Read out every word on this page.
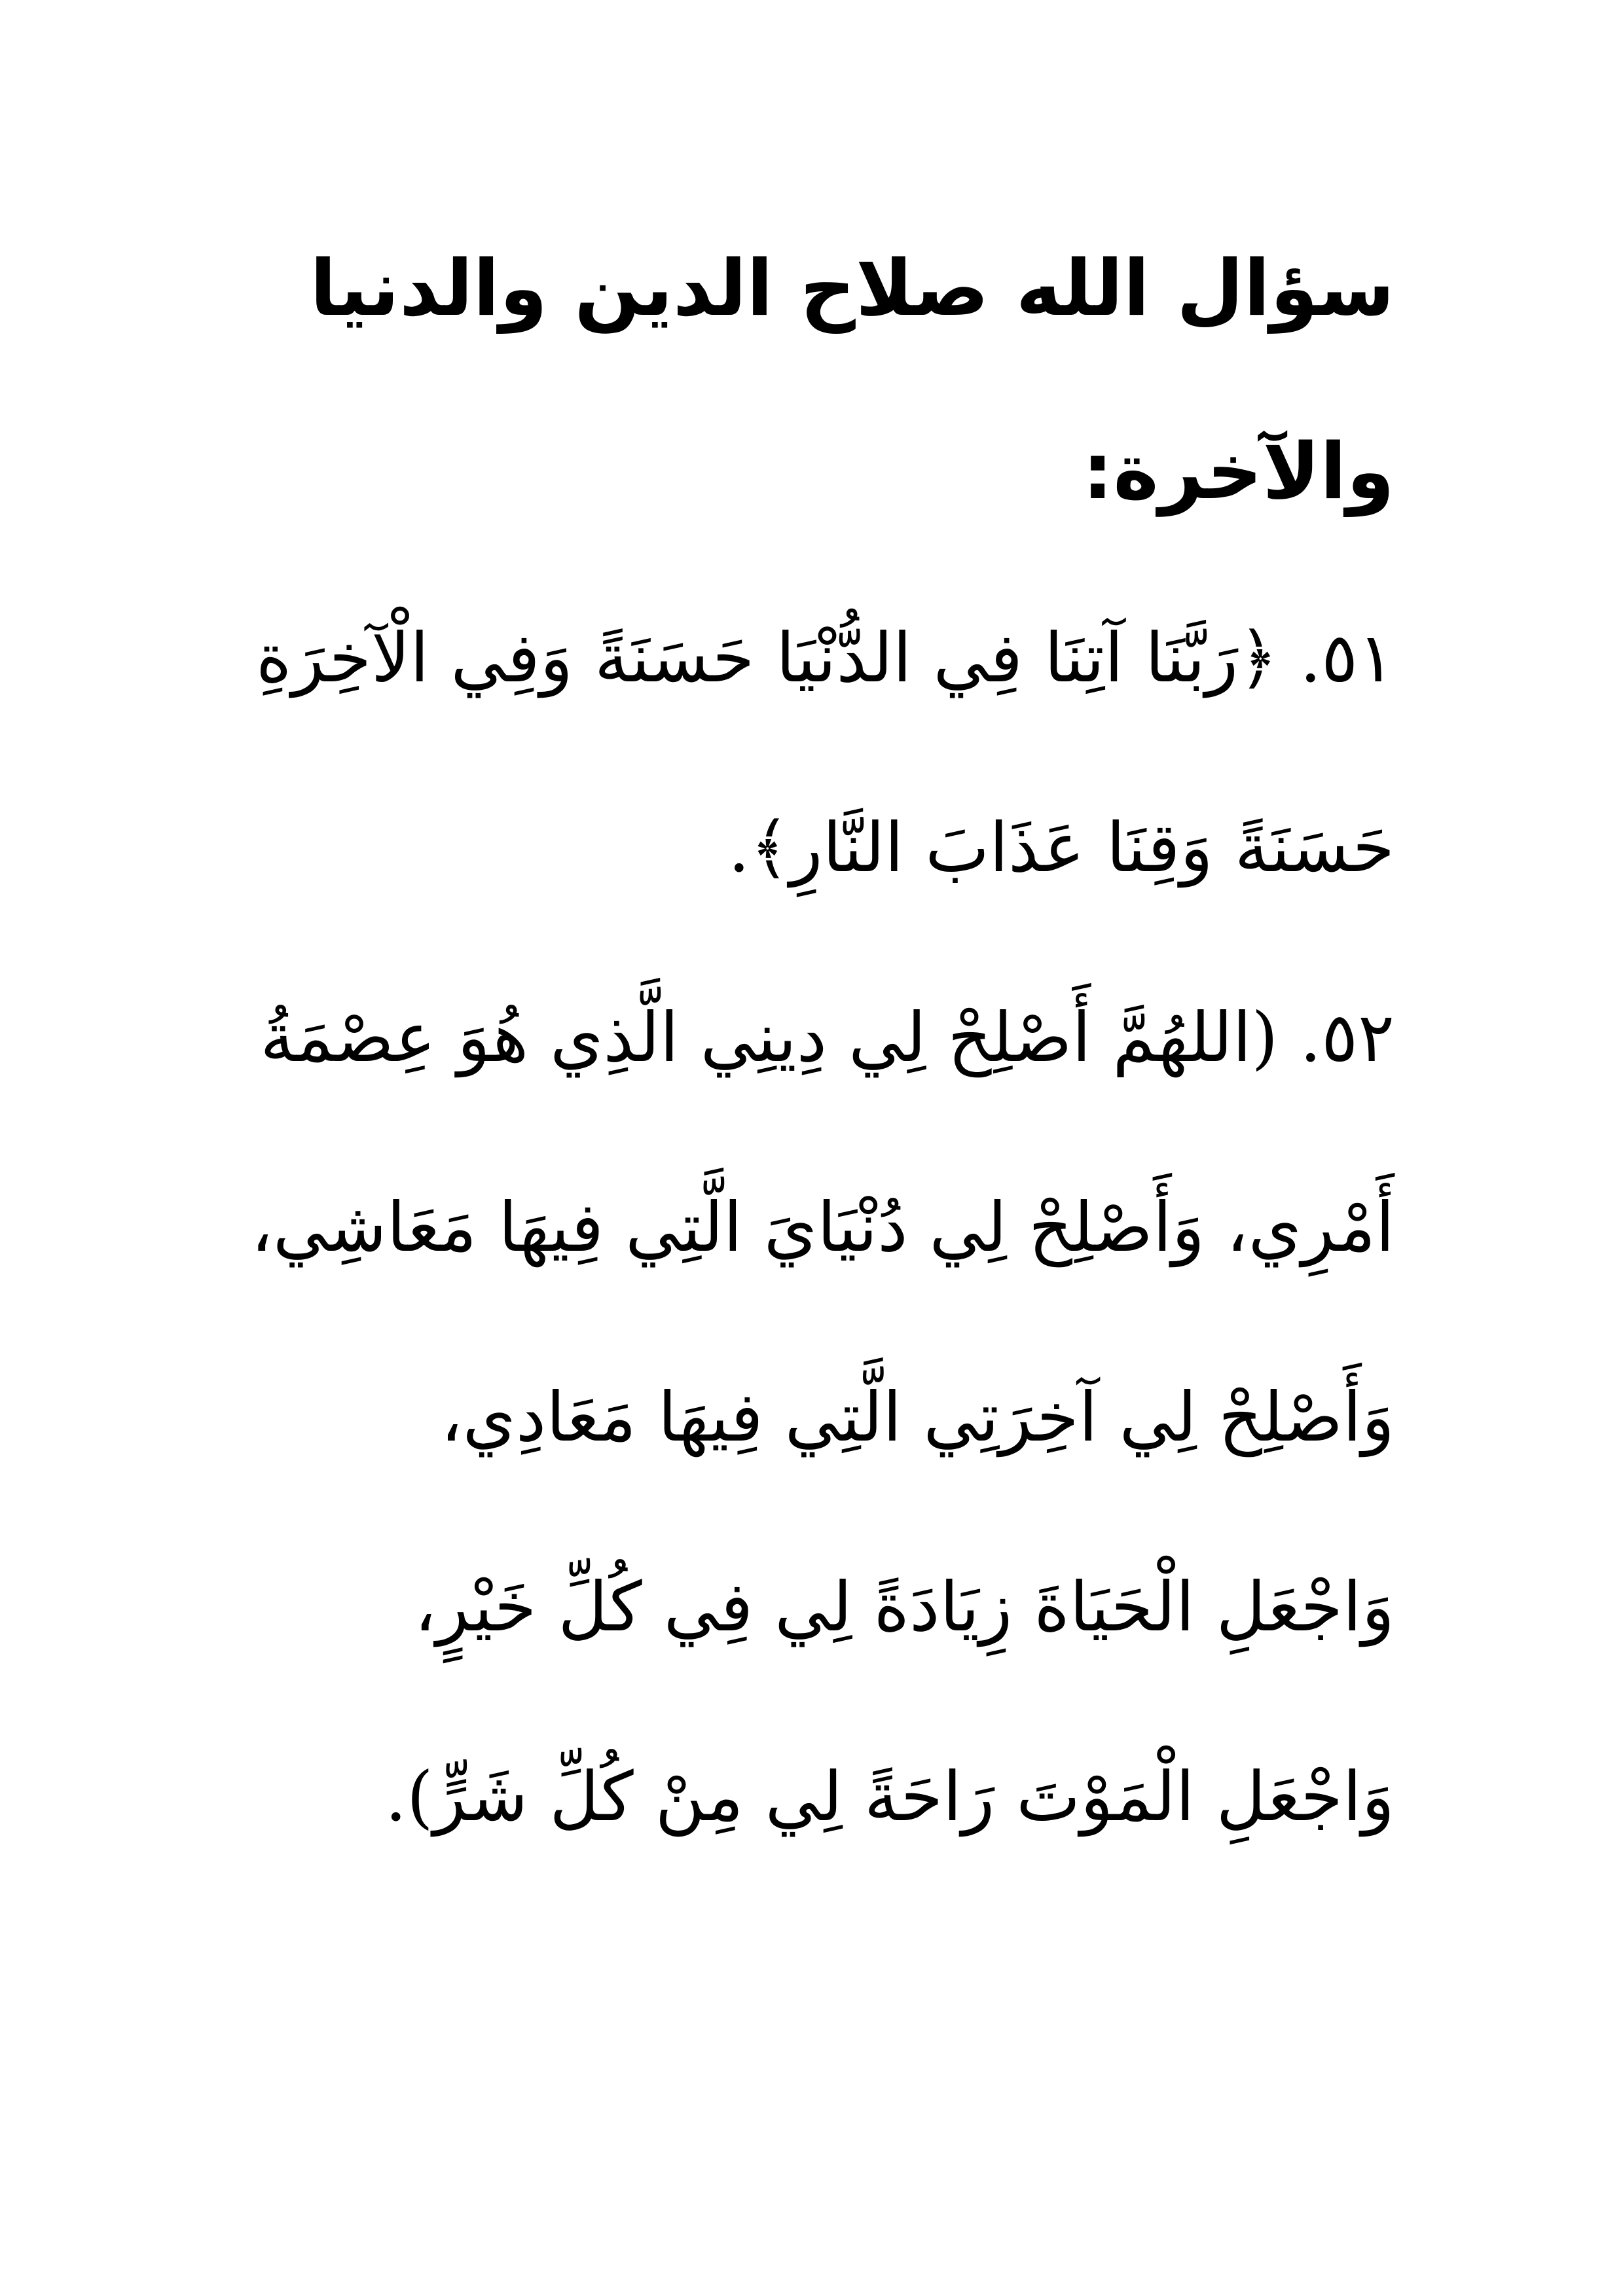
سؤال الله صلاح الدين والدنيا والآخرة:

٥١. ﴿رَبَّنَا آتِنَا فِي الدُّنْيَا حَسَنَةً وَفِي الْآخِرَةِ حَسَنَةً وَقِنَا عَذَابَ النَّارِ﴾.

٥٢. (اللهُمَّ أَصْلِحْ لِي دِينِي الَّذِي هُوَ عِصْمَةُ أَمْرِي، وَأَصْلِحْ لِي دُنْيَايَ الَّتِي فِيهَا مَعَاشِي، وَأَصْلِحْ لِي آخِرَتِي الَّتِي فِيهَا مَعَادِي، وَاجْعَلِ الْحَيَاةَ زِيَادَةً لِي فِي كُلِّ خَيْرٍ، وَاجْعَلِ الْمَوْتَ رَاحَةً لِي مِنْ كُلِّ شَرٍّ).
